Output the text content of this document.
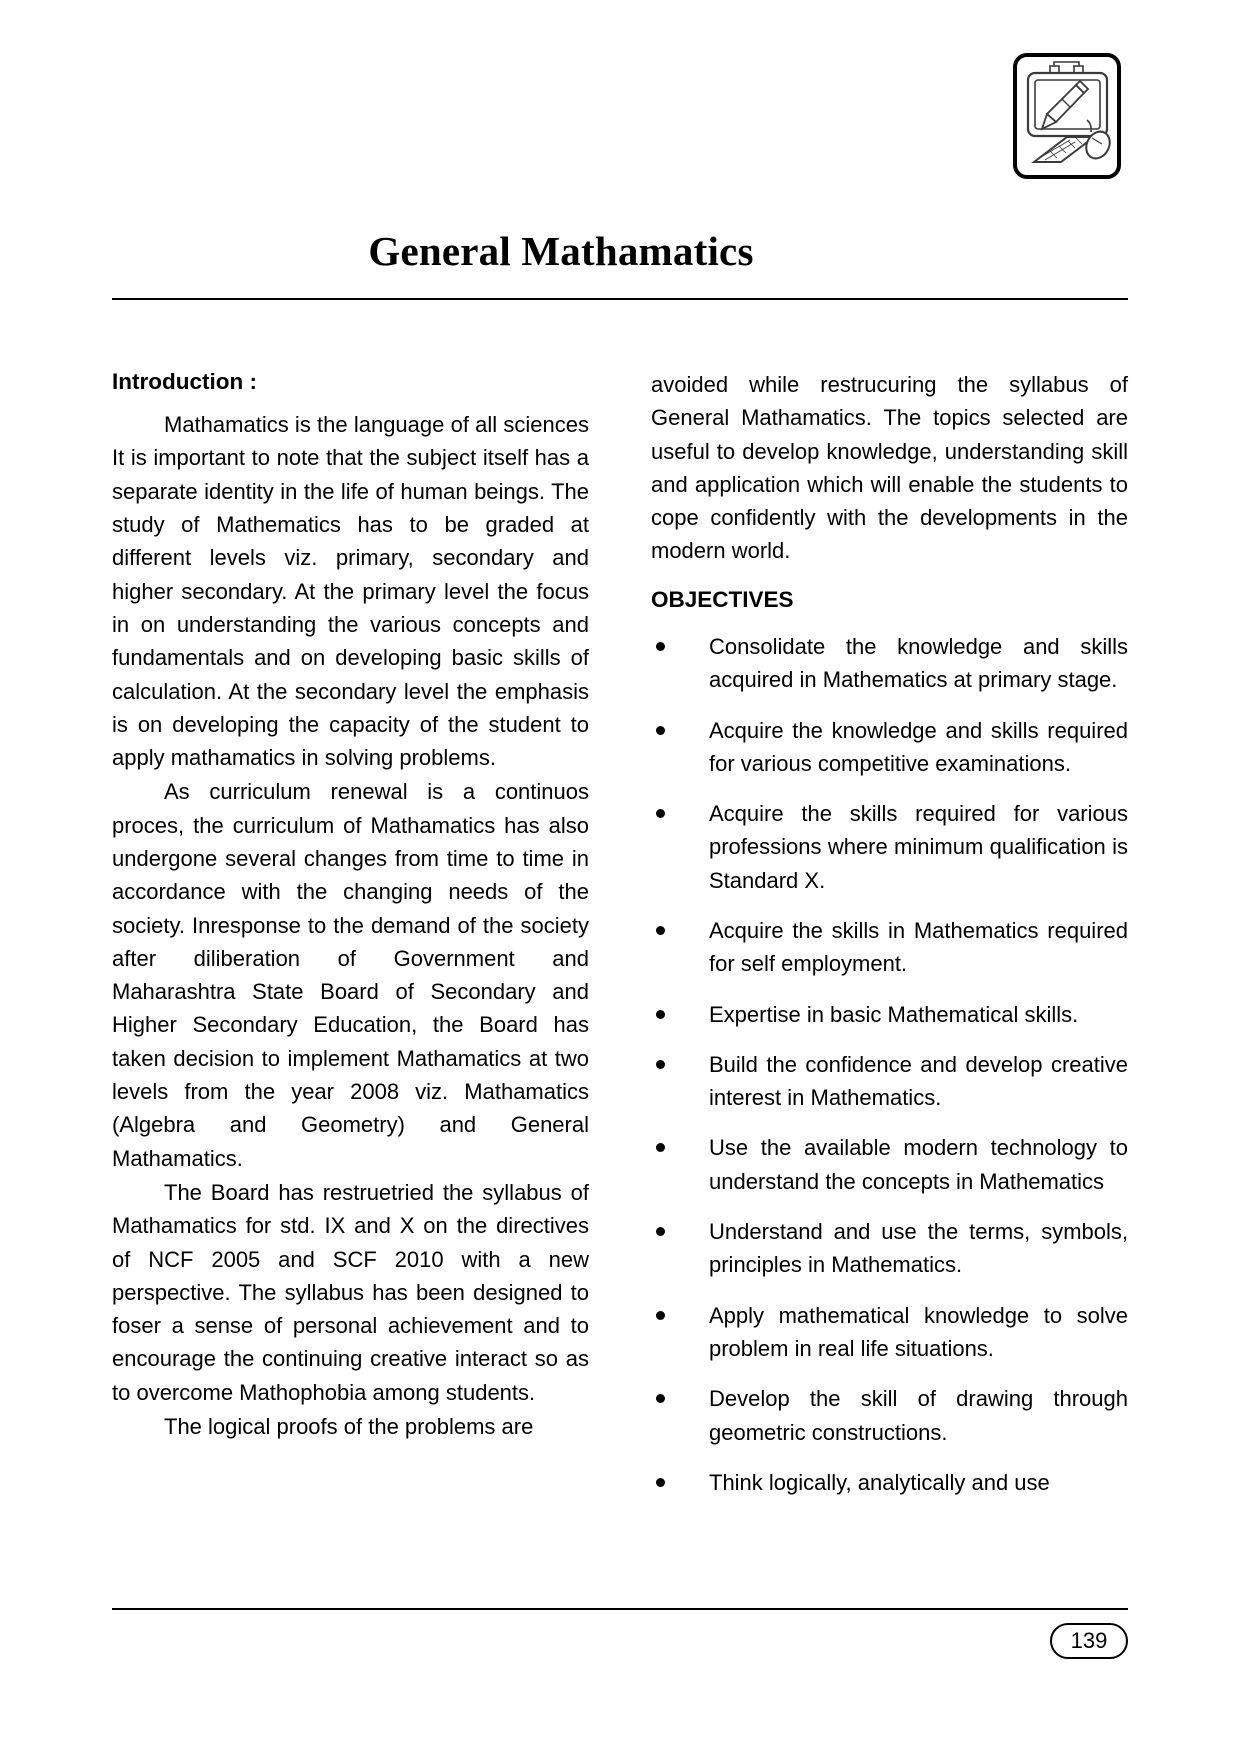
General Mathamatics
Introduction :

Mathamatics is the language of all sciences It is important to note that the subject itself has a separate identity in the life of human beings. The study of Mathematics has to be graded at different levels viz. primary, secondary and higher secondary. At the primary level the focus in on understanding the various concepts and fundamentals and on developing basic skills of calculation. At the secondary level the emphasis is on developing the capacity of the student to apply mathamatics in solving problems.

As curriculum renewal is a continuos proces, the curriculum of Mathamatics has also undergone several changes from time to time in accordance with the changing needs of the society. Inresponse to the demand of the society after diliberation of Government and Maharashtra State Board of Secondary and Higher Secondary Education, the Board has taken decision to implement Mathamatics at two levels from the year 2008 viz. Mathamatics (Algebra and Geometry) and General Mathamatics.

The Board has restruetried the syllabus of Mathamatics for std. IX and X on the directives of NCF 2005 and SCF 2010 with a new perspective. The syllabus has been designed to foser a sense of personal achievement and to encourage the continuing creative interact so as to overcome Mathophobia among students.

The logical proofs of the problems are

avoided while restrucuring the syllabus of General Mathamatics. The topics selected are useful to develop knowledge, understanding skill and application which will enable the students to cope confidently with the developments in the modern world.

OBJECTIVES
Consolidate the knowledge and skills acquired in Mathematics at primary stage.
Acquire the knowledge and skills required for various competitive examinations.
Acquire the skills required for various professions where minimum qualification is Standard X.
Acquire the skills in Mathematics required for self employment.
Expertise in basic Mathematical skills.
Build the confidence and develop creative interest in Mathematics.
Use the available modern technology to understand the concepts in Mathematics
Understand and use the terms, symbols, principles in Mathematics.
Apply mathematical knowledge to solve problem in real life situations.
Develop the skill of drawing through geometric constructions.
Think logically, analytically and use
139
